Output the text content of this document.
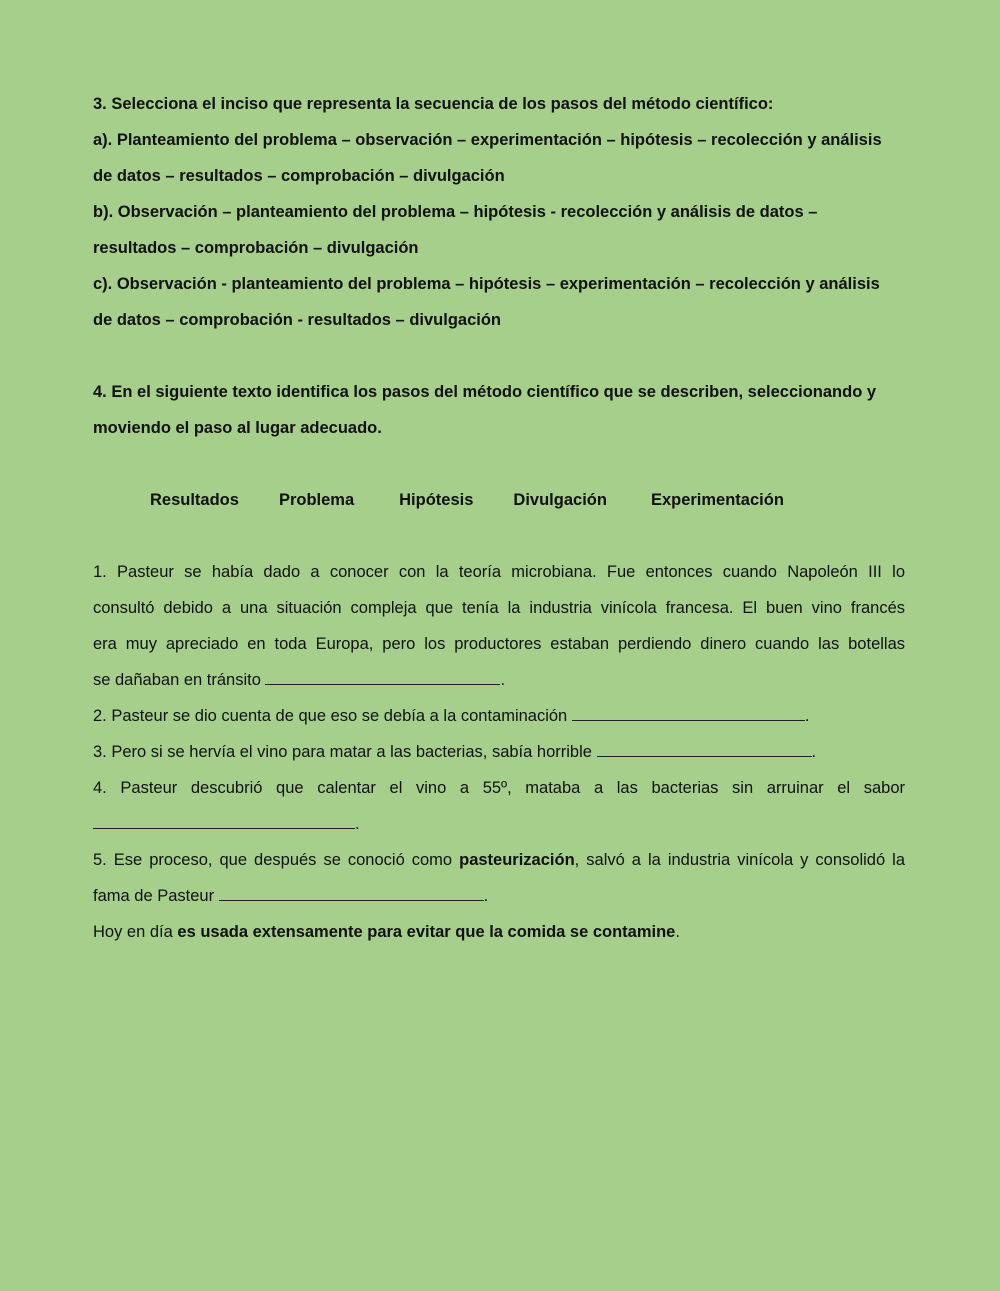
3. Selecciona el inciso que representa la secuencia de los pasos del método científico:

a). Planteamiento del problema – observación – experimentación – hipótesis – recolección y análisis

de datos – resultados – comprobación – divulgación

b). Observación – planteamiento del problema – hipótesis - recolección y análisis de datos –

resultados – comprobación – divulgación

c). Observación - planteamiento del problema – hipótesis – experimentación – recolección y análisis

de datos – comprobación - resultados – divulgación

4. En el siguiente texto identifica los pasos del método científico que se describen, seleccionando y

moviendo el paso al lugar adecuado.

Resultados Problema	Hipótesis Divulgación	Experimentación

1. Pasteur se había dado a conocer con la teoría microbiana. Fue entonces cuando Napoleón III lo

consultó debido a una situación compleja que tenía la industria vinícola francesa. El buen vino francés

era muy apreciado en toda Europa, pero los productores estaban perdiendo dinero cuando las botellas

se dañaban en tránsito	.

2. Pasteur se dio cuenta de que eso se debía a la contaminación	.

3. Pero si se hervía el vino para matar a las bacterias, sabía horrible	.

4. Pasteur descubrió que calentar el vino a 55º, mataba a las bacterias sin arruinar el sabor

.

5. Ese proceso, que después se conoció como pasteurización, salvó a la industria vinícola y consolidó la

fama de Pasteur	.

Hoy en día es usada extensamente para evitar que la comida se contamine.
